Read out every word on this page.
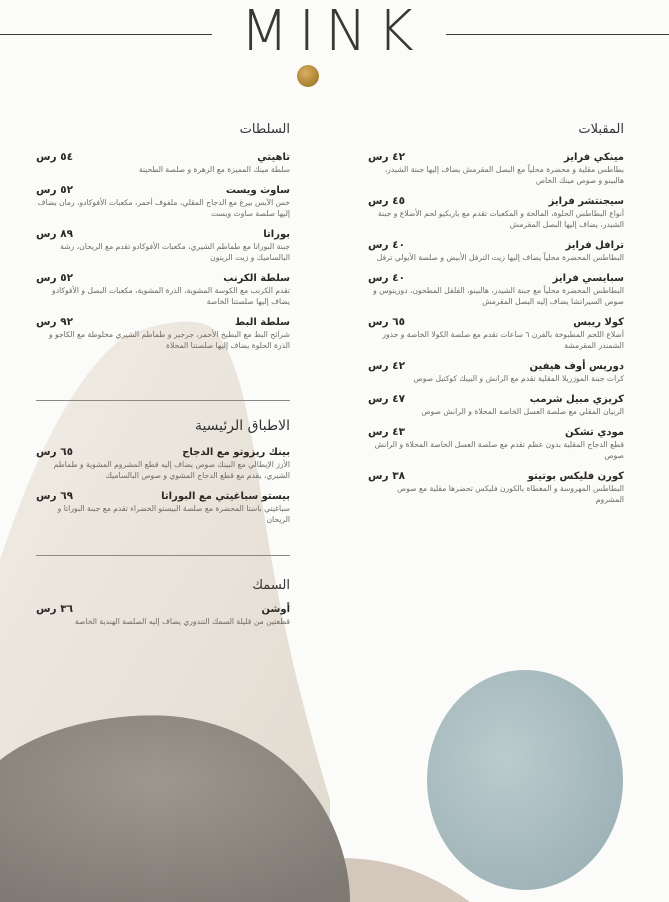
MINK
المقبلات
مينكي فرايز
٤٢ رس
بطاطس مقلية و محضرة محلياً مع البصل المقرمش يضاف إليها جبنة الشيدر، هالبينو و صوص مينك الخاص
سيجنتشر فرايز
٤٥ رس
أنواع البطاطس الحلوة، المالحة و المكعبات تقدم مع باربكيو لحم الأضلاع و جبنة الشيدر، يضاف إليها البصل المقرمش
ترافل فرايز
٤٠ رس
البطاطس المحضرة محلياً يضاف إليها زيت الترفل الأبيض و صلصة الأيولي ترفل
سبايسي فرايز
٤٠ رس
البطاطس المحضرة محلياً مع جبنة الشيدر، هالبينو، الفلفل المطحون، دوريتوس و صوص السيراتشا يضاف إليه البصل المقرمش
كولا ريبس
٦٥ رس
أضلاع اللحم المطبوخة بالفرن ٦ ساعات تقدم مع صلصة الكولا الخاصة و جذور الشمندر المقرمشة
دوريس أوف هيفين
٤٢ رس
كرات جبنة الموزريلا المقلية تقدم مع الرانش و البيبك كوكتيل صوص
كريزي مبيل شرمب
٤٧ رس
الربيان المقلي مع صلصة العسل الخاصة المحلاة و الرانش صوص
مودي تشكن
٤٣ رس
قطع الدجاج المقلية بدون عظم تقدم مع صلصة العسل الخاصة المحلاة و الرانش صوص
كورن فليكس بوتيتو
٣٨ رس
البطاطس المهروسة و المغطاة بالكورن فليكس تحضرها مقلية مع صوص المشروم
السلطات
تاهيتي
٥٤ رس
سلطة مينك المميزة مع الزهرة و صلصة الطحينة
ساوث ويست
٥٢ رس
خس الآيس بيرغ مع الدجاج المقلي، ملفوف أحمر، مكعبات الأفوكادو، رمان يضاف إليها صلصة ساوث ويست
بوراتا
٨٩ رس
جبنة البوراتا مع طماطم الشيري، مكعبات الأفوكادو تقدم مع الريحان، رشة البالساميك و زيت الزيتون
سلطة الكرنب
٥٢ رس
تقدم الكرنب مع الكوسة المشوية، الذرة المشوية، مكعبات البصل و الأفوكادو يضاف إليها صلصتنا الخاصة
سلطة البط
٩٢ رس
شرائح البط مع البطيخ الأحمر، جرجير و طماطم الشيري مخلوطة مع الكاجو و الذرة الحلوة يضاف إليها صلصتنا المحلاة
الاطباق الرئيسية
بينك ريزوتو مع الدجاج
٦٥ رس
الأرز الإيطالي مع البينك صوص يضاف إليه قطع المشروم المشوية و طماطم الشيري، يقدم مع قطع الدجاج المشوي و صوص البالساميك
بيستو سباغيتي مع البوراتا
٦٩ رس
سباغيتي باستا المحضرة مع صلصة البيستو الخضراء تقدم مع جبنة البوراتا و الريحان
السمك
أوشن
٣٦ رس
قطعتين من قليلة السمك التندوري يضاف إليه الصلصة الهندية الخاصة
